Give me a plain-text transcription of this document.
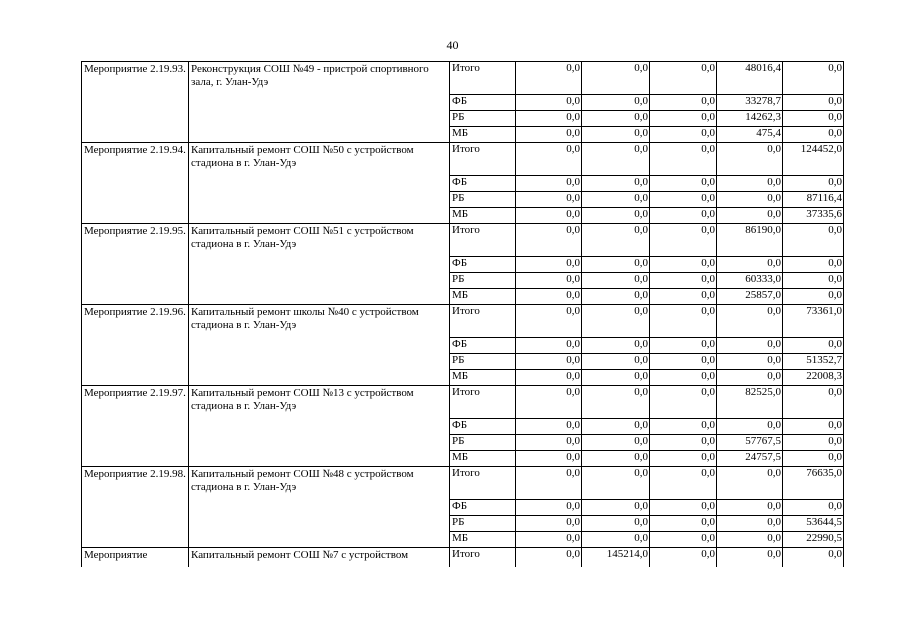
40
Мероприятие 2.19.93.	Реконструкция СОШ №49 - пристрой спортивного зала, г. Улан-Удэ	Итого	0,0	0,0	0,0	48016,4	0,0
		ФБ	0,0	0,0	0,0	33278,7	0,0
		РБ	0,0	0,0	0,0	14262,3	0,0
		МБ	0,0	0,0	0,0	475,4	0,0
Мероприятие 2.19.94.	Капитальный ремонт СОШ №50 с устройством стадиона в г. Улан-Удэ	Итого	0,0	0,0	0,0	0,0	124452,0
		ФБ	0,0	0,0	0,0	0,0	0,0
		РБ	0,0	0,0	0,0	0,0	87116,4
		МБ	0,0	0,0	0,0	0,0	37335,6
Мероприятие 2.19.95.	Капитальный ремонт СОШ №51 с устройством стадиона в г. Улан-Удэ	Итого	0,0	0,0	0,0	86190,0	0,0
		ФБ	0,0	0,0	0,0	0,0	0,0
		РБ	0,0	0,0	0,0	60333,0	0,0
		МБ	0,0	0,0	0,0	25857,0	0,0
Мероприятие 2.19.96.	Капитальный ремонт школы №40 с устройством стадиона в г. Улан-Удэ	Итого	0,0	0,0	0,0	0,0	73361,0
		ФБ	0,0	0,0	0,0	0,0	0,0
		РБ	0,0	0,0	0,0	0,0	51352,7
		МБ	0,0	0,0	0,0	0,0	22008,3
Мероприятие 2.19.97.	Капитальный ремонт СОШ №13 с устройством стадиона в г. Улан-Удэ	Итого	0,0	0,0	0,0	82525,0	0,0
		ФБ	0,0	0,0	0,0	0,0	0,0
		РБ	0,0	0,0	0,0	57767,5	0,0
		МБ	0,0	0,0	0,0	24757,5	0,0
Мероприятие 2.19.98.	Капитальный ремонт СОШ №48 с устройством стадиона в г. Улан-Удэ	Итого	0,0	0,0	0,0	0,0	76635,0
		ФБ	0,0	0,0	0,0	0,0	0,0
		РБ	0,0	0,0	0,0	0,0	53644,5
		МБ	0,0	0,0	0,0	0,0	22990,5
Мероприятие	Капитальный ремонт СОШ №7 с устройством	Итого	0,0	145214,0	0,0	0,0	0,0
